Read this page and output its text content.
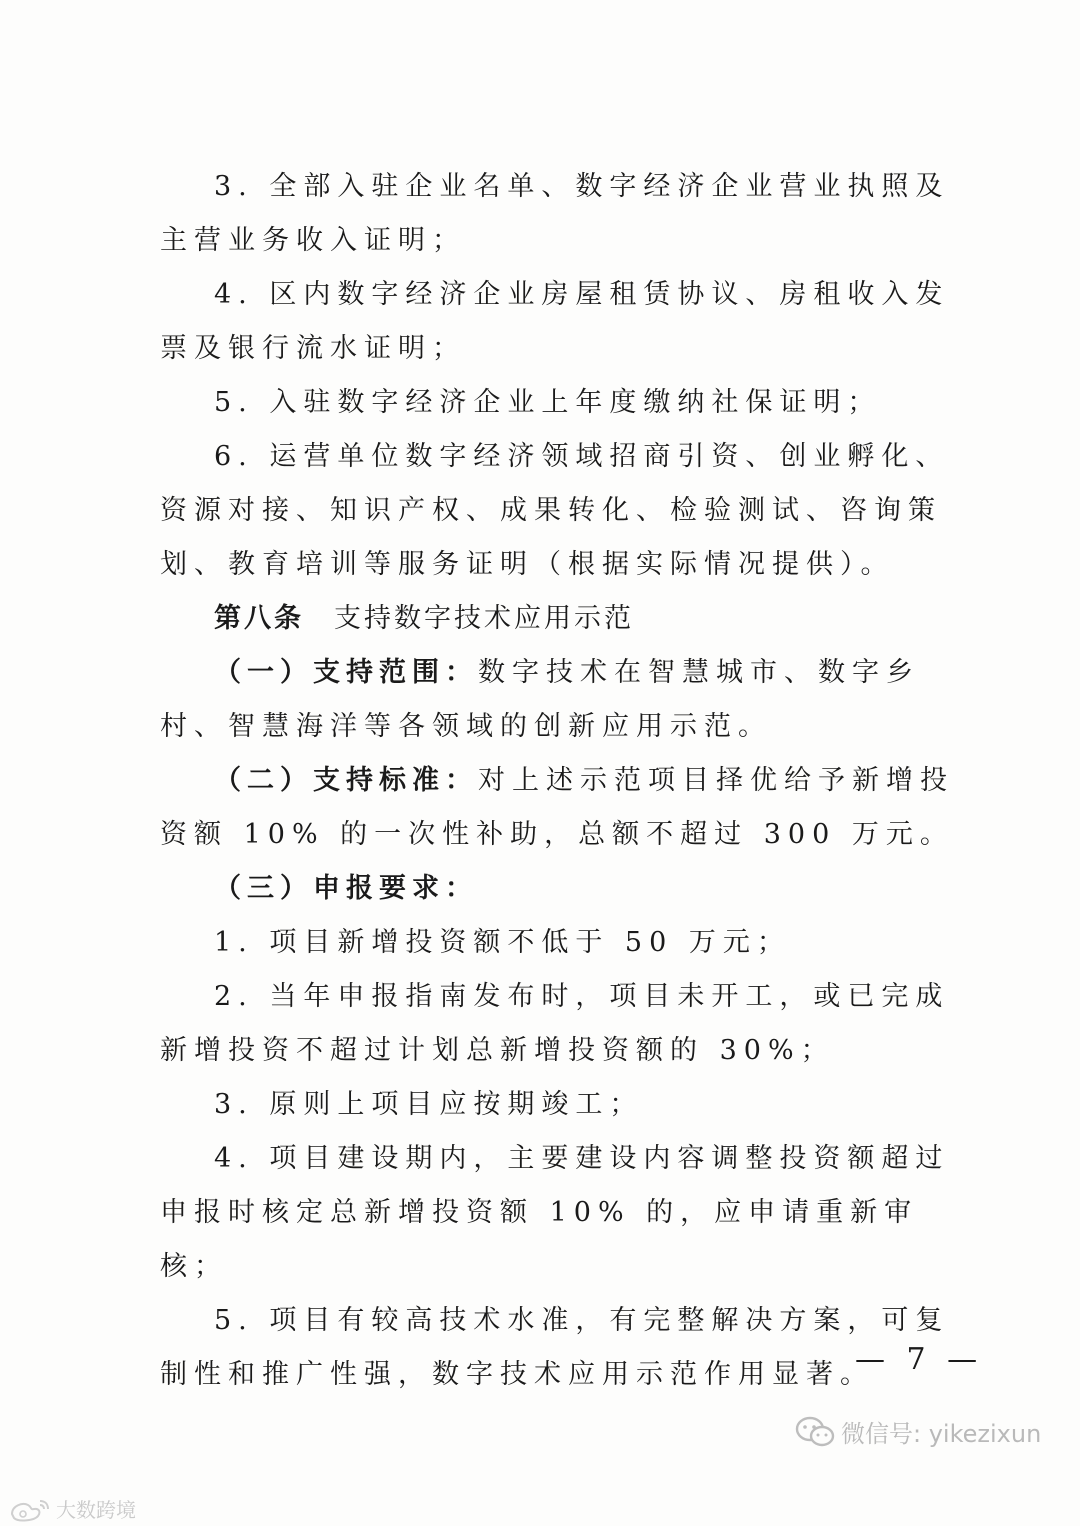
3. 全部入驻企业名单、数字经济企业营业执照及主营业务收入证明；

4. 区内数字经济企业房屋租赁协议、房租收入发票及银行流水证明；

5. 入驻数字经济企业上年度缴纳社保证明；

6. 运营单位数字经济领域招商引资、创业孵化、资源对接、知识产权、成果转化、检验测试、咨询策划、教育培训等服务证明（根据实际情况提供）。

第八条 支持数字技术应用示范

（一）支持范围：数字技术在智慧城市、数字乡村、智慧海洋等各领域的创新应用示范。

（二）支持标准：对上述示范项目择优给予新增投资额 10% 的一次性补助，总额不超过 300 万元。

（三）申报要求：

1. 项目新增投资额不低于 50 万元；

2. 当年申报指南发布时，项目未开工，或已完成新增投资不超过计划总新增投资额的 30%；

3. 原则上项目应按期竣工；

4. 项目建设期内，主要建设内容调整投资额超过申报时核定总新增投资额 10% 的，应申请重新审核；

5. 项目有较高技术水准，有完整解决方案，可复制性和推广性强，数字技术应用示范作用显著。

— 7 —
微信号: yikezixun
大数跨境
